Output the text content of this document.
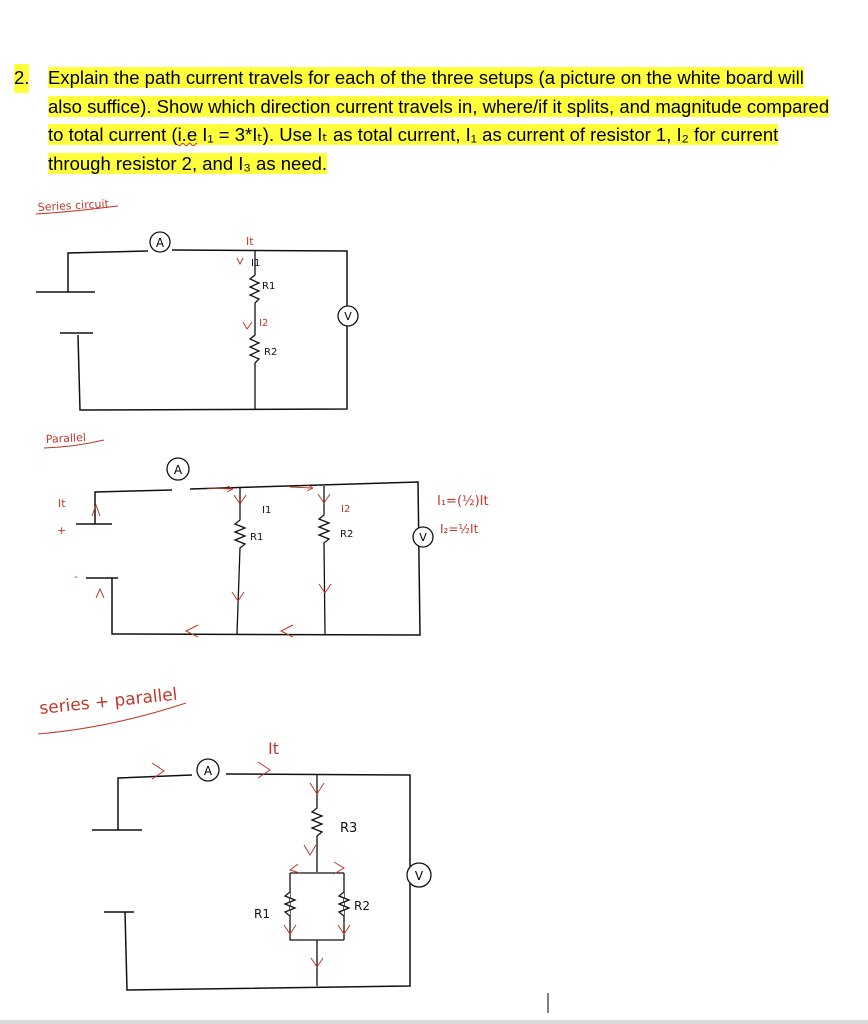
2. Explain the path current travels for each of the three setups (a picture on the white board will also suffice). Show which direction current travels in, where/if it splits, and magnitude compared to total current (i.e I₁ = 3*Iₜ). Use Iₜ as total current, I₁ as current of resistor 1, I₂ for current through resistor 2, and I₃ as need.
Series circuit
A	It
I1
R1
I2
R2
V
Parallel
+
-
It
A
I1
R1
I2
R2	V
I₁=(½)It
I₂=½It
series + parallel
A
It
R3
R1
R2
V
